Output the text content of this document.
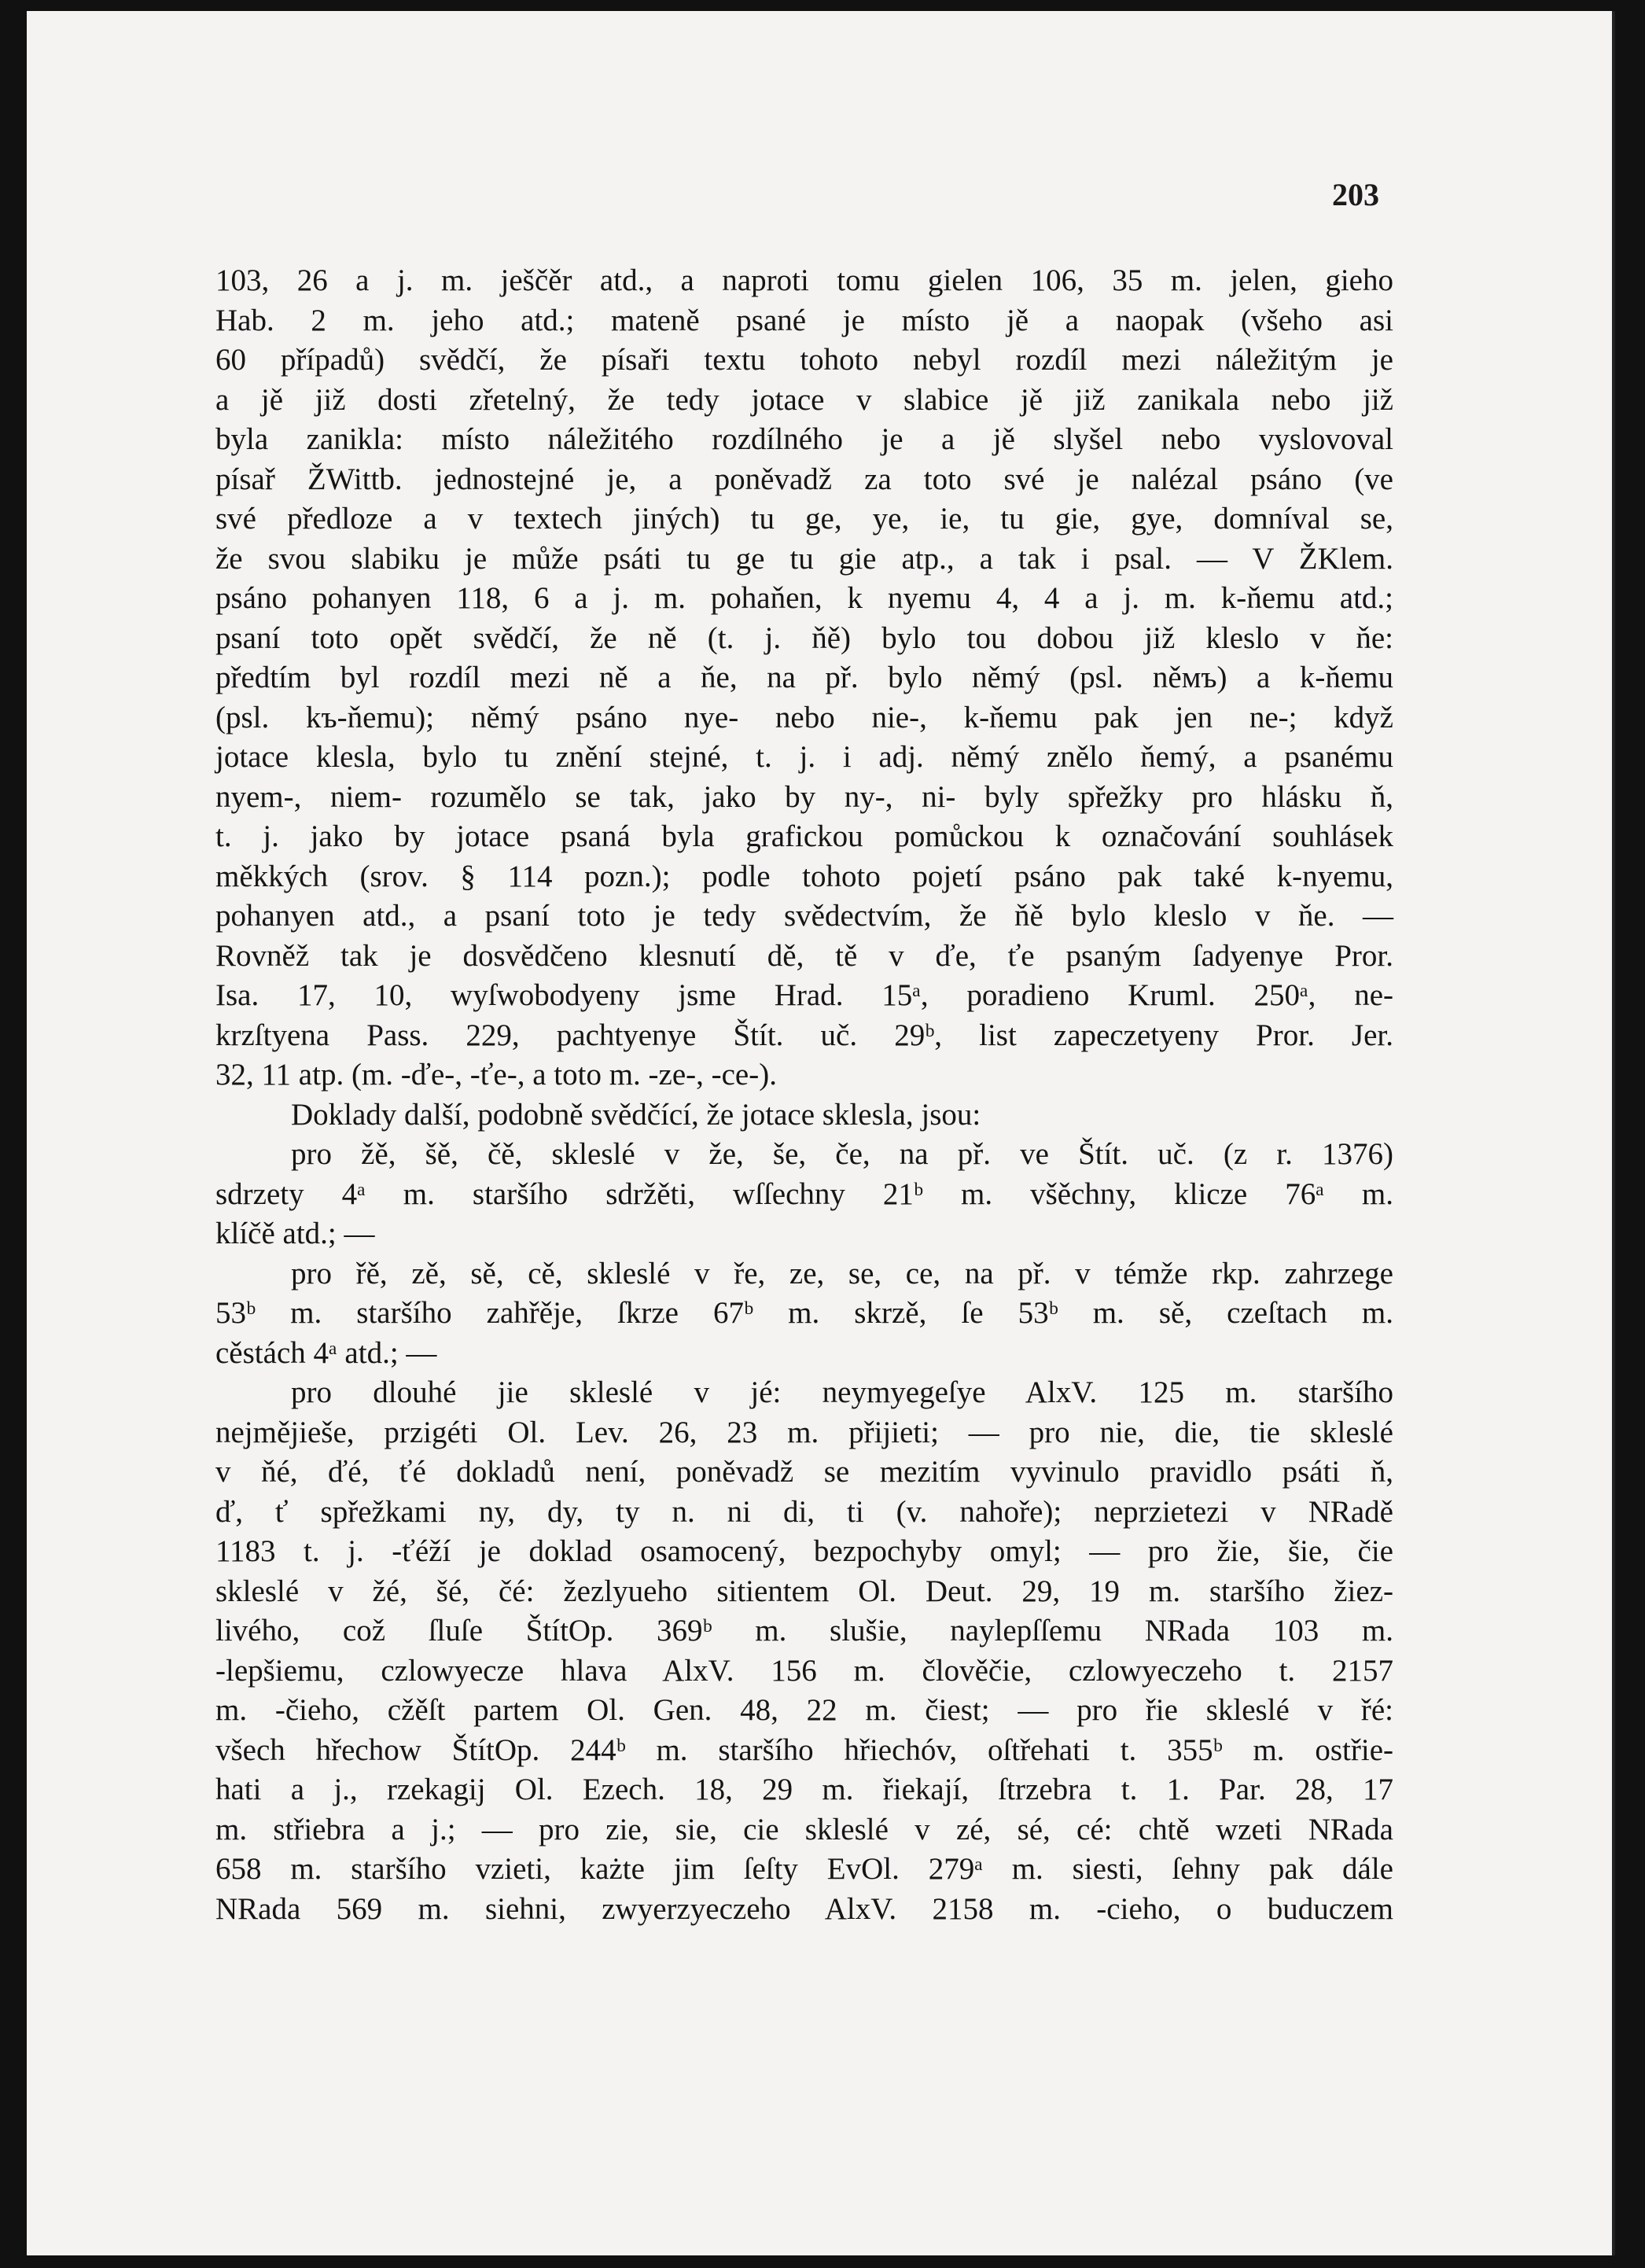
203
103, 26 a j. m. ješčěr atd., a naproti tomu gielen 106, 35 m. jelen, gieho
Hab. 2 m. jeho atd.; mateně psané je místo jě a naopak (všeho asi
60 případů) svědčí, že písaři textu tohoto nebyl rozdíl mezi náležitým je
a jě již dosti zřetelný, že tedy jotace v slabice jě již zanikala nebo již
byla zanikla: místo náležitého rozdílného je a jě slyšel nebo vyslovoval
písař ŽWittb. jednostejné je, a poněvadž za toto své je nalézal psáno (ve
své předloze a v textech jiných) tu ge, ye, ie, tu gie, gye, domníval se,
že svou slabiku je může psáti tu ge tu gie atp., a tak i psal. — V ŽKlem.
psáno pohanyen 118, 6 a j. m. pohaňen, k nyemu 4, 4 a j. m. k-ňemu atd.;
psaní toto opět svědčí, že ně (t. j. ňě) bylo tou dobou již kleslo v ňe:
předtím byl rozdíl mezi ně a ňe, na př. bylo němý (psl. něмъ) a k-ňemu
(psl. kъ-ňemu); němý psáno nye- nebo nie-, k-ňemu pak jen ne-; když
jotace klesla, bylo tu znění stejné, t. j. i adj. němý znělo ňemý, a psanému
nyem-, niem- rozumělo se tak, jako by ny-, ni- byly spřežky pro hlásku ň,
t. j. jako by jotace psaná byla grafickou pomůckou k označování souhlásek
měkkých (srov. § 114 pozn.); podle tohoto pojetí psáno pak také k-nyemu,
pohanyen atd., a psaní toto je tedy svědectvím, že ňě bylo kleslo v ňe. —
Rovněž tak je dosvědčeno klesnutí dě, tě v ďe, ťe psaným ſadyenye Pror.
Isa. 17, 10, wyſwobodyeny jsme Hrad. 15ᵃ, poradieno Kruml. 250ᵃ, ne-
krzſtyena Pass. 229, pachtyenye Štít. uč. 29ᵇ, list zapeczetyeny Pror. Jer.
32, 11 atp. (m. -ďe-, -ťe-, a toto m. -ze-, -ce-).
Doklady další, podobně svědčící, že jotace sklesla, jsou:
pro žě, šě, čě, skleslé v že, še, če, na př. ve Štít. uč. (z r. 1376)
sdrzety 4ᵃ m. staršího sdržěti, wſſechny 21ᵇ m. všěchny, klicze 76ᵃ m.
klíčě atd.; —
pro řě, zě, sě, cě, skleslé v ře, ze, se, ce, na př. v témže rkp. zahrzege
53ᵇ m. staršího zahřěje, ſkrze 67ᵇ m. skrzě, ſe 53ᵇ m. sě, czeſtach m.
cěstách 4ᵃ atd.; —
pro dlouhé jie skleslé v jé: neymyegeſye AlxV. 125 m. staršího
nejmějieše, przigéti Ol. Lev. 26, 23 m. přijieti; — pro nie, die, tie skleslé
v ňé, ďé, ťé dokladů není, poněvadž se mezitím vyvinulo pravidlo psáti ň,
ď, ť spřežkami ny, dy, ty n. ni di, ti (v. nahoře); neprzietezi v NRadě
1183 t. j. -ťéží je doklad osamocený, bezpochyby omyl; — pro žie, šie, čie
skleslé v žé, šé, čé: žezlyueho sitientem Ol. Deut. 29, 19 m. staršího žiez-
livého, což ſluſe ŠtítOp. 369ᵇ m. slušie, naylepſſemu NRada 103 m.
-lepšiemu, czlowyecze hlava AlxV. 156 m. člověčie, czlowyeczeho t. 2157
m. -čieho, cžěſt partem Ol. Gen. 48, 22 m. čiest; — pro řie skleslé v řé:
všech hřechow ŠtítOp. 244ᵇ m. staršího hřiechóv, oſtřehati t. 355ᵇ m. ostřie-
hati a j., rzekagij Ol. Ezech. 18, 29 m. řiekají, ſtrzebra t. 1. Par. 28, 17
m. střiebra a j.; — pro zie, sie, cie skleslé v zé, sé, cé: chtě wzeti NRada
658 m. staršího vzieti, każte jim ſeſty EvOl. 279ᵃ m. siesti, ſehny pak dále
NRada 569 m. siehni, zwyerzyeczeho AlxV. 2158 m. -cieho, o buduczem
